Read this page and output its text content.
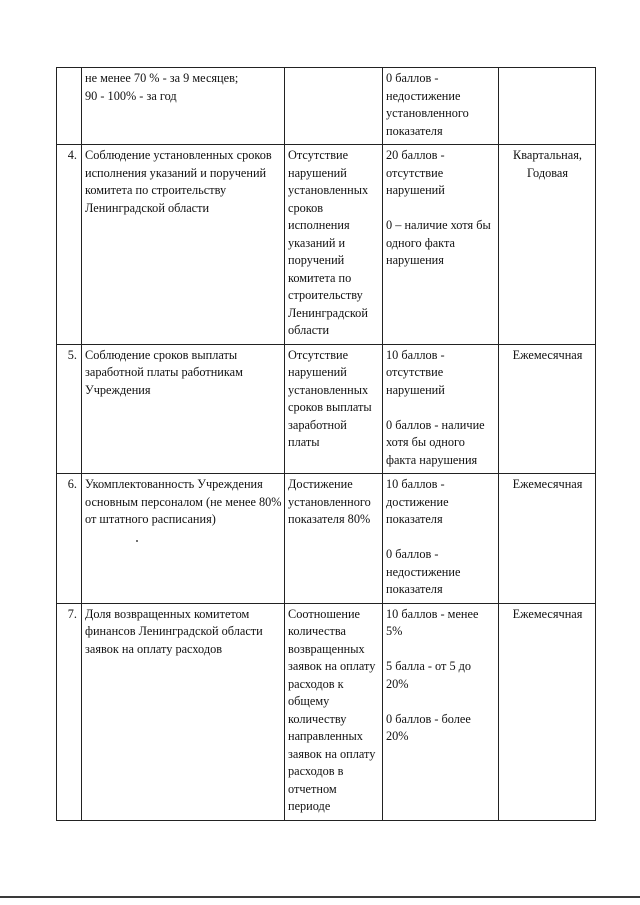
	не менее 70 % - за 9 месяцев;
90 - 100% - за год		0 баллов - недостижение установленного показателя	

4.	Соблюдение установленных сроков исполнения указаний и поручений комитета по строительству Ленинградской области	Отсутствие нарушений установленных сроков исполнения указаний и поручений комитета по строительству Ленинградской области	20 баллов - отсутствие нарушений
0 – наличие хотя бы одного факта нарушения	Квартальная, Годовая
5.	Соблюдение сроков выплаты заработной платы работникам Учреждения	Отсутствие нарушений установленных сроков выплаты заработной платы	10 баллов - отсутствие нарушений
0 баллов - наличие хотя бы одного факта нарушения	Ежемесячная
6.	Укомплектованность Учреждения основным персоналом (не менее 80% от штатного расписания)	Достижение установленного показателя 80%	10 баллов - достижение показателя
0 баллов - недостижение показателя	Ежемесячная
7.	Доля возвращенных комитетом финансов Ленинградской области заявок на оплату расходов	Соотношение количества возвращенных заявок на оплату расходов к общему количеству направленных заявок на оплату расходов в отчетном периоде	10 баллов - менее 5%
5 балла - от 5 до 20%
0 баллов - более 20%	Ежемесячная
